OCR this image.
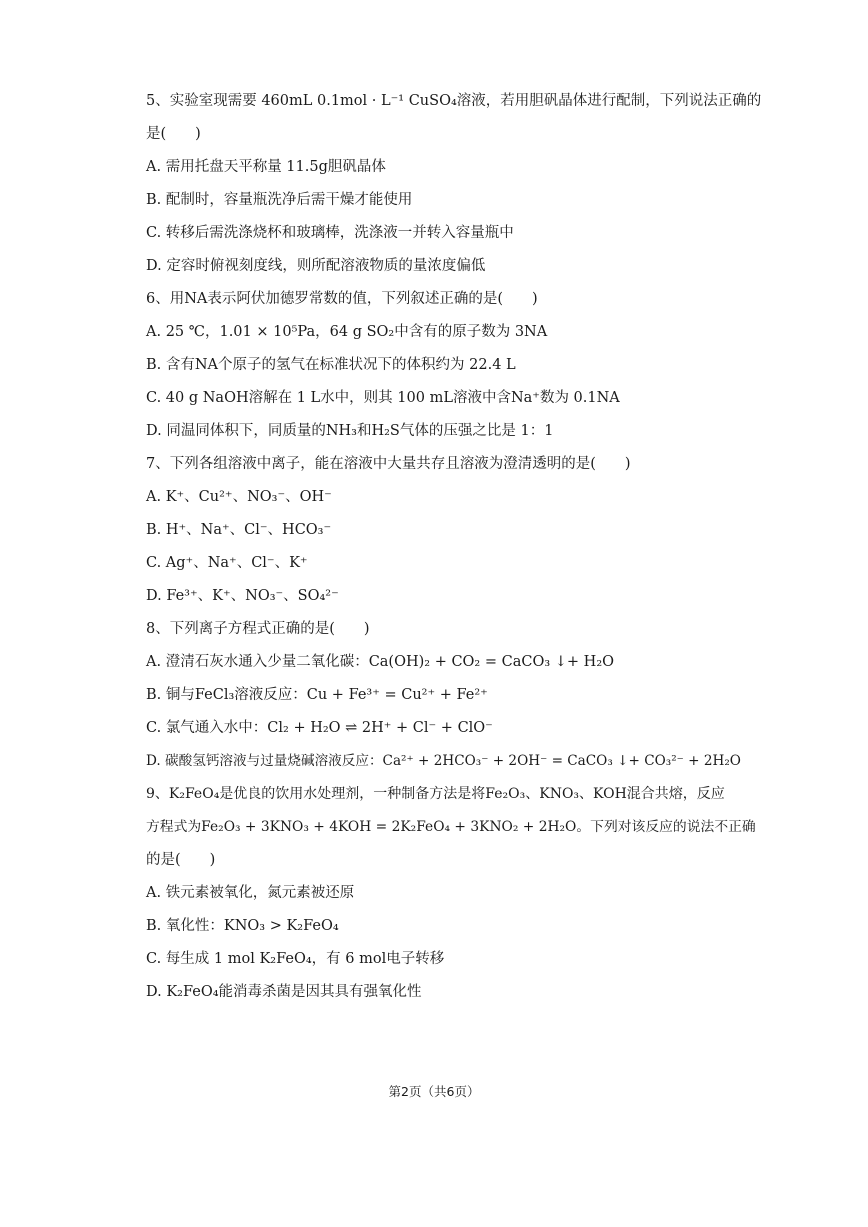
5、实验室现需要 460mL 0.1mol · L⁻¹ CuSO₄溶液，若用胆矾晶体进行配制，下列说法正确的
是(　　)
A. 需用托盘天平称量 11.5g胆矾晶体
B. 配制时，容量瓶洗净后需干燥才能使用
C. 转移后需洗涤烧杯和玻璃棒，洗涤液一并转入容量瓶中
D. 定容时俯视刻度线，则所配溶液物质的量浓度偏低
6、用NA表示阿伏加德罗常数的值，下列叙述正确的是(　　)
A. 25 ℃，1.01 × 10⁵Pa，64 g SO₂中含有的原子数为 3NA
B. 含有NA个原子的氢气在标准状况下的体积约为 22.4 L
C. 40 g NaOH溶解在 1 L水中，则其 100 mL溶液中含Na⁺数为 0.1NA
D. 同温同体积下，同质量的NH₃和H₂S气体的压强之比是 1：1
7、下列各组溶液中离子，能在溶液中大量共存且溶液为澄清透明的是(　　)
A. K⁺、Cu²⁺、NO₃⁻、OH⁻
B. H⁺、Na⁺、Cl⁻、HCO₃⁻
C. Ag⁺、Na⁺、Cl⁻、K⁺
D. Fe³⁺、K⁺、NO₃⁻、SO₄²⁻
8、下列离子方程式正确的是(　　)
A. 澄清石灰水通入少量二氧化碳：Ca(OH)₂ + CO₂ = CaCO₃ ↓+ H₂O
B. 铜与FeCl₃溶液反应：Cu + Fe³⁺ = Cu²⁺ + Fe²⁺
C. 氯气通入水中：Cl₂ + H₂O ⇌ 2H⁺ + Cl⁻ + ClO⁻
D. 碳酸氢钙溶液与过量烧碱溶液反应：Ca²⁺ + 2HCO₃⁻ + 2OH⁻ = CaCO₃ ↓+ CO₃²⁻ + 2H₂O
9、K₂FeO₄是优良的饮用水处理剂，一种制备方法是将Fe₂O₃、KNO₃、KOH混合共熔，反应
方程式为Fe₂O₃ + 3KNO₃ + 4KOH = 2K₂FeO₄ + 3KNO₂ + 2H₂O。下列对该反应的说法不正确
的是(　　)
A. 铁元素被氧化，氮元素被还原
B. 氧化性：KNO₃ > K₂FeO₄
C. 每生成 1 mol K₂FeO₄，有 6 mol电子转移
D. K₂FeO₄能消毒杀菌是因其具有强氧化性
第2页（共6页）
